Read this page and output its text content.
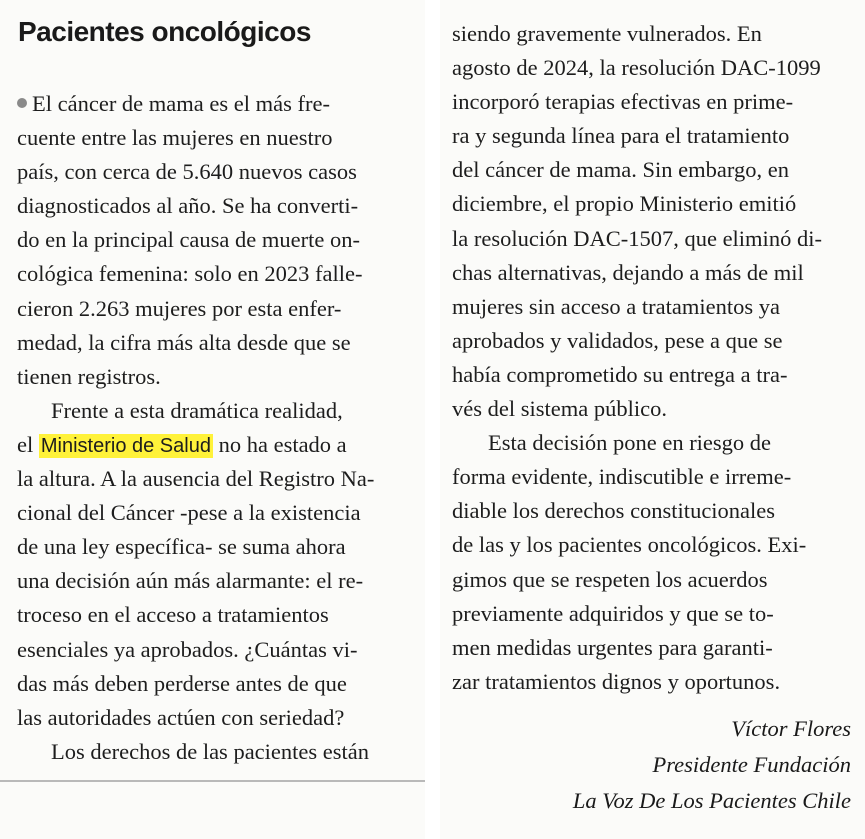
Pacientes oncológicos
El cáncer de mama es el más fre-
cuente entre las mujeres en nuestro
país, con cerca de 5.640 nuevos casos
diagnosticados al año. Se ha converti-
do en la principal causa de muerte on-
cológica femenina: solo en 2023 falle-
cieron 2.263 mujeres por esta enfer-
medad, la cifra más alta desde que se
tienen registros.
Frente a esta dramática realidad,
el Ministerio de Salud no ha estado a
la altura. A la ausencia del Registro Na-
cional del Cáncer -pese a la existencia
de una ley específica- se suma ahora
una decisión aún más alarmante: el re-
troceso en el acceso a tratamientos
esenciales ya aprobados. ¿Cuántas vi-
das más deben perderse antes de que
las autoridades actúen con seriedad?
Los derechos de las pacientes están
siendo gravemente vulnerados. En
agosto de 2024, la resolución DAC-1099
incorporó terapias efectivas en prime-
ra y segunda línea para el tratamiento
del cáncer de mama. Sin embargo, en
diciembre, el propio Ministerio emitió
la resolución DAC-1507, que eliminó di-
chas alternativas, dejando a más de mil
mujeres sin acceso a tratamientos ya
aprobados y validados, pese a que se
había comprometido su entrega a tra-
vés del sistema público.
Esta decisión pone en riesgo de
forma evidente, indiscutible e irreme-
diable los derechos constitucionales
de las y los pacientes oncológicos. Exi-
gimos que se respeten los acuerdos
previamente adquiridos y que se to-
men medidas urgentes para garanti-
zar tratamientos dignos y oportunos.
Víctor Flores
Presidente Fundación
La Voz De Los Pacientes Chile
